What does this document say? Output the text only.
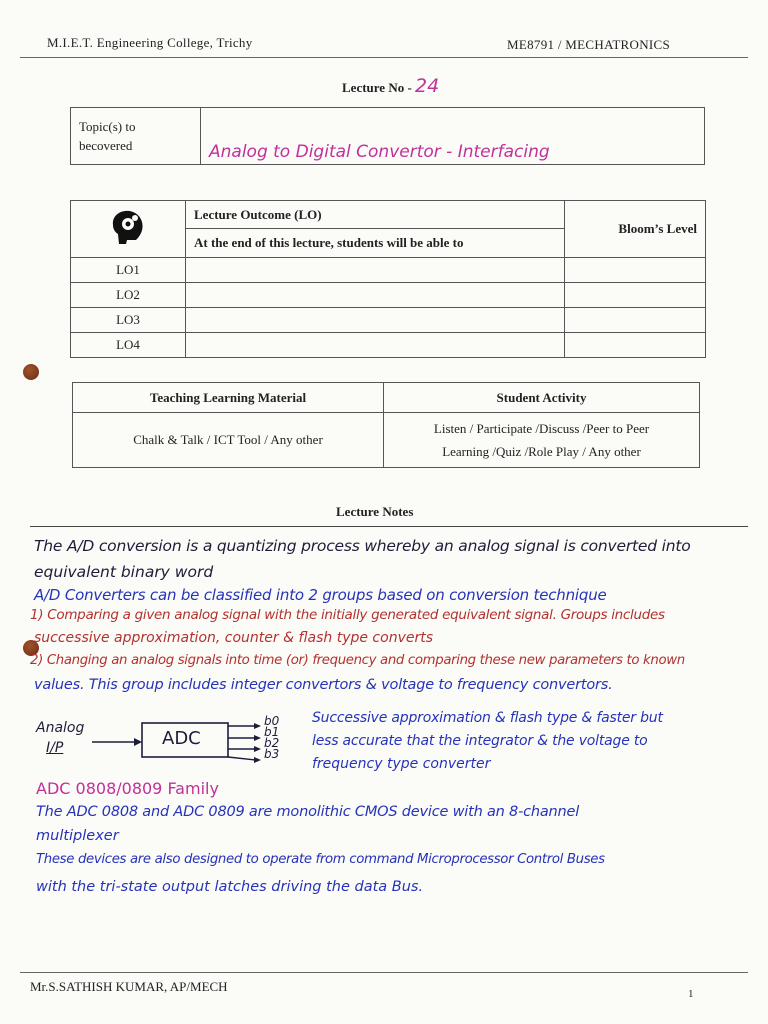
M.I.E.T. Engineering College, Trichy	ME8791 / MECHATRONICS
Lecture No - 24
Topic(s) to
becovered	Analog to Digital Convertor - Interfacing
	Lecture Outcome (LO)	Bloom’s Level
	At the end of this lecture, students will be able to	
LO1		
LO2		
LO3		
LO4		
Teaching Learning Material	Student Activity
Chalk & Talk / ICT Tool / Any other	Listen / Participate /Discuss /Peer to Peer
Learning /Quiz /Role Play / Any other
Lecture Notes
The A/D conversion is a quantizing process whereby an analog signal is converted into
equivalent binary word
A/D Converters can be classified into 2 groups based on conversion technique
1) Comparing a given analog signal with the initially generated equivalent signal. Groups includes
successive approximation, counter & flash type converts
2) Changing an analog signals into time (or) frequency and comparing these new parameters to known
values. This group includes integer convertors & voltage to frequency convertors.
Analog
I/P	ADC
b0
b1
b2
b3
Successive approximation & flash type & faster but
less accurate that the integrator & the voltage to
frequency type converter
ADC 0808/0809 Family
The ADC 0808 and ADC 0809 are monolithic CMOS device with an 8-channel
multiplexer
These devices are also designed to operate from command Microprocessor Control Buses
with the tri-state output latches driving the data Bus.
Mr.S.SATHISH KUMAR, AP/MECH	1
